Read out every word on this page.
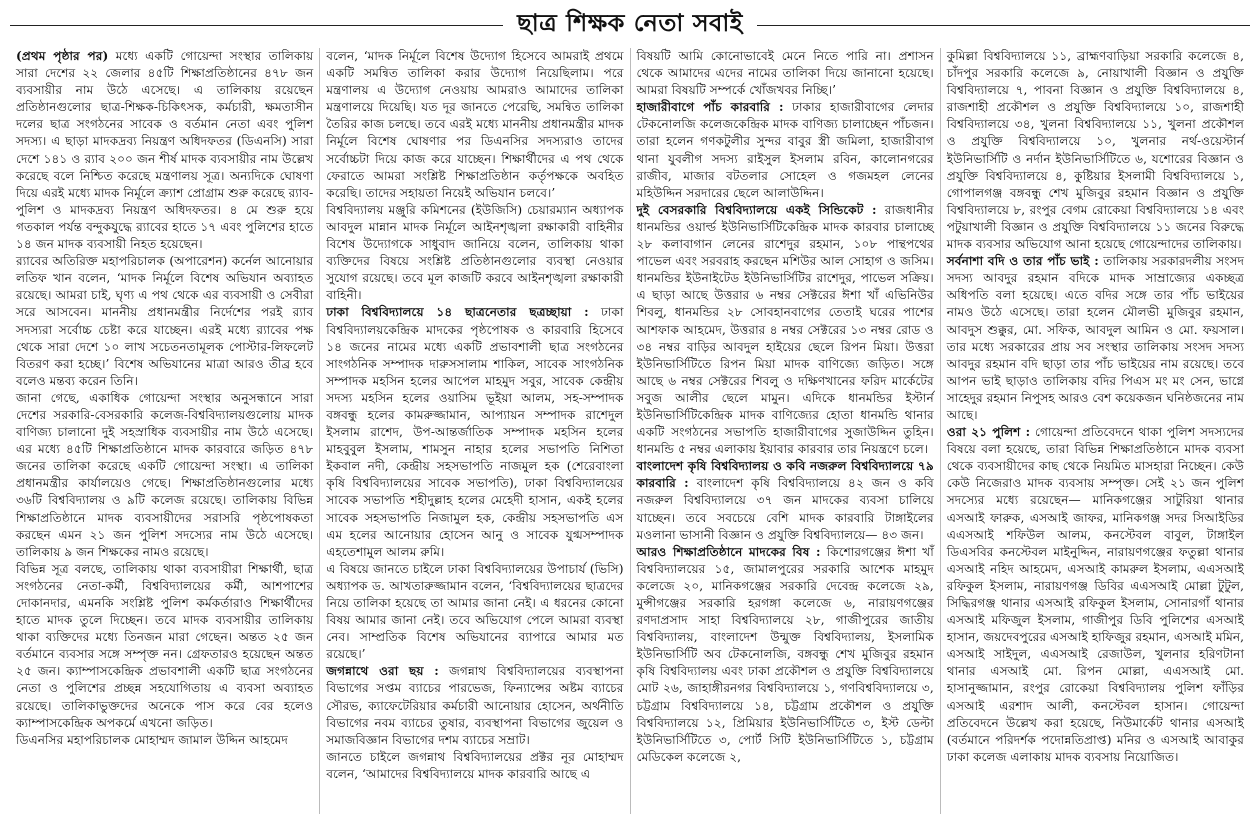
ছাত্র শিক্ষক নেতা সবাই

(প্রথম পৃষ্ঠার পর) মধ্যে একটি গোয়েন্দা সংস্থার তালিকায় সারা দেশের ২২ জেলার ৪৫টি শিক্ষাপ্রতিষ্ঠানের ৪৭৮ জন ব্যবসায়ীর নাম উঠে এসেছে। এ তালিকায় রয়েছেন প্রতিষ্ঠানগুলোর ছাত্র-শিক্ষক-চিকিৎসক, কর্মচারী, ক্ষমতাসীন দলের ছাত্র সংগঠনের সাবেক ও বর্তমান নেতা এবং পুলিশ সদস্য। এ ছাড়া মাদকদ্রব্য নিয়ন্ত্রণ অধিদফতর (ডিএনসি) সারা দেশে ১৪১ ও র‍্যাব ২০০ জন শীর্ষ মাদক ব্যবসায়ীর নাম উল্লেখ করেছে বলে নিশ্চিত করেছে মন্ত্রণালয় সূত্র। অন্যদিকে ঘোষণা দিয়ে এরই মধ্যে মাদক নির্মূলে ক্র্যাশ প্রোগ্রাম শুরু করেছে র‍্যাব-পুলিশ ও মাদকদ্রব্য নিয়ন্ত্রণ অধিদফতর। ৪ মে শুরু হয়ে গতকাল পর্যন্ত বন্দুকযুদ্ধে র‍্যাবের হাতে ১৭ এবং পুলিশের হাতে ১৪ জন মাদক ব্যবসায়ী নিহত হয়েছেন।

র‍্যাবের অতিরিক্ত মহাপরিচালক (অপারেশন) কর্নেল আনোয়ার লতিফ খান বলেন, ‘মাদক নির্মূলে বিশেষ অভিযান অব্যাহত রয়েছে। আমরা চাই, ঘৃণ্য এ পথ থেকে এর ব্যবসায়ী ও সেবীরা সরে আসবেন। মাননীয় প্রধানমন্ত্রীর নির্দেশের পরই র‍্যাব সদস্যরা সর্বোচ্চ চেষ্টা করে যাচ্ছেন। এরই মধ্যে র‍্যাবের পক্ষ থেকে সারা দেশে ১০ লাখ সচেতনতামূলক পোস্টার-লিফলেট বিতরণ করা হচ্ছে।’ বিশেষ অভিযানের মাত্রা আরও তীব্র হবে বলেও মন্তব্য করেন তিনি।

জানা গেছে, একাধিক গোয়েন্দা সংস্থার অনুসন্ধানে সারা দেশের সরকারি-বেসরকারি কলেজ-বিশ্ববিদ্যালয়গুলোয় মাদক বাণিজ্য চালানো দুই সহস্রাধিক ব্যবসায়ীর নাম উঠে এসেছে। এর মধ্যে ৪৫টি শিক্ষাপ্রতিষ্ঠানে মাদক কারবারে জড়িত ৪৭৮ জনের তালিকা করেছে একটি গোয়েন্দা সংস্থা। এ তালিকা প্রধানমন্ত্রীর কার্যালয়েও গেছে। শিক্ষাপ্রতিষ্ঠানগুলোর মধ্যে ৩৬টি বিশ্ববিদ্যালয় ও ৯টি কলেজ রয়েছে। তালিকায় বিভিন্ন শিক্ষাপ্রতিষ্ঠানে মাদক ব্যবসায়ীদের সরাসরি পৃষ্ঠপোষকতা করছেন এমন ২১ জন পুলিশ সদস্যের নাম উঠে এসেছে। তালিকায় ৯ জন শিক্ষকের নামও রয়েছে।

বিভিন্ন সূত্র বলছে, তালিকায় থাকা ব্যবসায়ীরা শিক্ষার্থী, ছাত্র সংগঠনের নেতা-কর্মী, বিশ্ববিদ্যালয়ের কর্মী, আশপাশের দোকানদার, এমনকি সংশ্লিষ্ট পুলিশ কর্মকর্তারাও শিক্ষার্থীদের হাতে মাদক তুলে দিচ্ছেন। তবে মাদক ব্যবসায়ীর তালিকায় থাকা ব্যক্তিদের মধ্যে তিনজন মারা গেছেন। অন্তত ২৫ জন বর্তমানে ব্যবসার সঙ্গে সম্পৃক্ত নন। গ্রেফতারও হয়েছেন অন্তত ২৫ জন। ক্যাম্পাসকেন্দ্রিক প্রভাবশালী একটি ছাত্র সংগঠনের নেতা ও পুলিশের প্রচ্ছন্ন সহযোগিতায় এ ব্যবসা অব্যাহত রয়েছে। তালিকাভুক্তদের অনেকে পাস করে বের হলেও ক্যাম্পাসকেন্দ্রিক অপকর্মে এখনো জড়িত।

ডিএনসির মহাপরিচালক মোহাম্মদ জামাল উদ্দিন আহমেদ

বলেন, ‘মাদক নির্মূলে বিশেষ উদ্যোগ হিসেবে আমরাই প্রথমে একটি সমন্বিত তালিকা করার উদ্যোগ নিয়েছিলাম। পরে মন্ত্রণালয় এ উদ্যোগ নেওয়ায় আমরাও আমাদের তালিকা মন্ত্রণালয়ে দিয়েছি। যত দূর জানতে পেরেছি, সমন্বিত তালিকা তৈরির কাজ চলছে। তবে এরই মধ্যে মাননীয় প্রধানমন্ত্রীর মাদক নির্মূলে বিশেষ ঘোষণার পর ডিএনসির সদস্যরাও তাদের সর্বোচ্চটা দিয়ে কাজ করে যাচ্ছেন। শিক্ষার্থীদের এ পথ থেকে ফেরাতে আমরা সংশ্লিষ্ট শিক্ষাপ্রতিষ্ঠান কর্তৃপক্ষকে অবহিত করেছি। তাদের সহায়তা নিয়েই অভিযান চলবে।’

বিশ্ববিদ্যালয় মঞ্জুরি কমিশনের (ইউজিসি) চেয়ারম্যান অধ্যাপক আবদুল মান্নান মাদক নির্মূলে আইনশৃঙ্খলা রক্ষাকারী বাহিনীর বিশেষ উদ্যোগকে সাধুবাদ জানিয়ে বলেন, তালিকায় থাকা ব্যক্তিদের বিষয়ে সংশ্লিষ্ট প্রতিষ্ঠানগুলোর ব্যবস্থা নেওয়ার সুযোগ রয়েছে। তবে মূল কাজটি করবে আইনশৃঙ্খলা রক্ষাকারী বাহিনী।

ঢাকা বিশ্ববিদ্যালয়ে ১৪ ছাত্রনেতার ছত্রচ্ছায়া : ঢাকা বিশ্ববিদ্যালয়কেন্দ্রিক মাদকের পৃষ্ঠপোষক ও কারবারি হিসেবে ১৪ জনের নামের মধ্যে একটি প্রভাবশালী ছাত্র সংগঠনের সাংগঠনিক সম্পাদক দারুসসালাম শাকিল, সাবেক সাংগঠনিক সম্পাদক মহসিন হলের আপেল মাহমুদ সবুর, সাবেক কেন্দ্রীয় সদস্য মহসিন হলের ওয়াসিম ভূইয়া আলম, সহ-সম্পাদক বঙ্গবন্ধু হলের কামরুজ্জামান, আপ্যায়ন সম্পাদক রাশেদুল ইসলাম রাশেদ, উপ-আন্তর্জাতিক সম্পাদক মহসিন হলের মাহবুবুল ইসলাম, শামসুন নাহার হলের সভাপতি নিশিতা ইকবাল নদী, কেন্দ্রীয় সহসভাপতি নাজমুল হক (শেরেবাংলা কৃষি বিশ্ববিদ্যালয়ের সাবেক সভাপতি), ঢাকা বিশ্ববিদ্যালয়ের সাবেক সভাপতি শহীদুল্লাহ হলের মেহেদী হাসান, একই হলের সাবেক সহসভাপতি নিজামুল হক, কেন্দ্রীয় সহসভাপতি এস এম হলের আনোয়ার হোসেন আনু ও সাবেক যুগ্মসম্পাদক এহতেশামুল আলম রুমি।

এ বিষয়ে জানতে চাইলে ঢাকা বিশ্ববিদ্যালয়ের উপাচার্য (ভিসি) অধ্যাপক ড. আখতারুজ্জামান বলেন, ‘বিশ্ববিদ্যালয়ের ছাত্রদের নিয়ে তালিকা হয়েছে তা আমার জানা নেই। এ ধরনের কোনো বিষয় আমার জানা নেই। তবে অভিযোগ পেলে আমরা ব্যবস্থা নেব। সাম্প্রতিক বিশেষ অভিযানের ব্যাপারে আমার মত রয়েছে।’

জগন্নাথে ওরা ছয় : জগন্নাথ বিশ্ববিদ্যালয়ের ব্যবস্থাপনা বিভাগের সপ্তম ব্যাচের পারভেজ, ফিন্যান্সের অষ্টম ব্যাচের সৌরভ, ক্যাফেটেরিয়ার কর্মচারী আনোয়ার হোসেন, অর্থনীতি বিভাগের নবম ব্যাচের তুষার, ব্যবস্থাপনা বিভাগের জুয়েল ও সমাজবিজ্ঞান বিভাগের দশম ব্যাচের সম্রাট।

জানতে চাইলে জগন্নাথ বিশ্ববিদ্যালয়ের প্রক্টর নূর মোহাম্মদ বলেন, ‘আমাদের বিশ্ববিদ্যালয়ে মাদক কারবারি আছে এ

বিষয়টি আমি কোনোভাবেই মেনে নিতে পারি না। প্রশাসন থেকে আমাদের এদের নামের তালিকা দিয়ে জানানো হয়েছে। আমরা বিষয়টি সম্পর্কে খোঁজখবর নিচ্ছি।’

হাজারীবাগে পাঁচ কারবারি : ঢাকার হাজারীবাগের লেদার টেকনোলজি কলেজকেন্দ্রিক মাদক বাণিজ্য চালাচ্ছেন পাঁচজন। তারা হলেন গণকটুলীর সুন্দর বাবুর স্ত্রী জমিলা, হাজারীবাগ থানা যুবলীগ সদস্য রাইসুল ইসলাম রবিন, কালোনগরের রাজীব, মাজার বটতলার সোহেল ও গজমহল লেনের মহিউদ্দিন সরদারের ছেলে আলাউদ্দিন।

দুই বেসরকারি বিশ্ববিদ্যালয়ে একই সিন্ডিকেট : রাজধানীর ধানমন্ডির ওয়ার্ল্ড ইউনিভার্সিটিকেন্দ্রিক মাদক কারবার চালাচ্ছে ২৮ কলাবাগান লেনের রাশেদুর রহমান, ১০৮ পান্থপথের পাভেল এবং সরবরাহ করছেন মশিউর আল সোহাগ ও জসিম। ধানমন্ডির ইউনাইটেড ইউনিভার্সিটির রাশেদুর, পাভেল সক্রিয়। এ ছাড়া আছে উত্তরার ৬ নম্বর সেক্টরের ঈশা খাঁ এভিনিউর শিবলু, ধানমন্ডির ২৮ সোবহানবাগের তেতাই ঘরের পাশের আশফাক আহমেদ, উত্তরার ৪ নম্বর সেক্টরের ১৩ নম্বর রোড ও ৩৪ নম্বর বাড়ির আবদুল হাইয়ের ছেলে রিপন মিয়া। উত্তরা ইউনিভার্সিটিতে রিপন মিয়া মাদক বাণিজ্যে জড়িত। সঙ্গে আছে ৬ নম্বর সেক্টরের শিবলু ও দক্ষিণখানের ফরিদ মার্কেটের সবুজ আলীর ছেলে মামুন। এদিকে ধানমন্ডির ইস্টার্ন ইউনিভার্সিটিকেন্দ্রিক মাদক বাণিজ্যের হোতা ধানমন্ডি থানার একটি সংগঠনের সভাপতি হাজারীবাগের সুজাউদ্দিন তুহিন। ধানমন্ডি ৫ নম্বর এলাকায় ইয়াবার কারবার তার নিয়ন্ত্রণে চলে।

বাংলাদেশ কৃষি বিশ্ববিদ্যালয় ও কবি নজরুল বিশ্ববিদ্যালয়ে ৭৯ কারবারি : বাংলাদেশ কৃষি বিশ্ববিদ্যালয়ে ৪২ জন ও কবি নজরুল বিশ্ববিদ্যালয়ে ৩৭ জন মাদকের ব্যবসা চালিয়ে যাচ্ছেন। তবে সবচেয়ে বেশি মাদক কারবারি টাঙ্গাইলের মওলানা ভাসানী বিজ্ঞান ও প্রযুক্তি বিশ্ববিদ্যালয়ে— ৪৩ জন।

আরও শিক্ষাপ্রতিষ্ঠানে মাদকের বিষ : কিশোরগঞ্জের ঈশা খাঁ বিশ্ববিদ্যালয়ের ১৫, জামালপুরের সরকারি আশেক মাহমুদ কলেজে ২০, মানিকগঞ্জের সরকারি দেবেন্দ্র কলেজে ২৯, মুন্সীগঞ্জের সরকারি হরগঙ্গা কলেজে ৬, নারায়ণগঞ্জের রণদাপ্রসাদ সাহা বিশ্ববিদ্যালয়ে ২৮, গাজীপুরের জাতীয় বিশ্ববিদ্যালয়, বাংলাদেশ উন্মুক্ত বিশ্ববিদ্যালয়, ইসলামিক ইউনিভার্সিটি অব টেকনোলজি, বঙ্গবন্ধু শেখ মুজিবুর রহমান কৃষি বিশ্ববিদ্যালয় এবং ঢাকা প্রকৌশল ও প্রযুক্তি বিশ্ববিদ্যালয়ে মোট ২৬, জাহাঙ্গীরনগর বিশ্ববিদ্যালয়ে ১, গণবিশ্ববিদ্যালয়ে ৩, চট্টগ্রাম বিশ্ববিদ্যালয়ে ১৪, চট্টগ্রাম প্রকৌশল ও প্রযুক্তি বিশ্ববিদ্যালয়ে ১২, প্রিমিয়ার ইউনিভার্সিটিতে ৩, ইস্ট ডেল্টা ইউনিভার্সিটিতে ৩, পোর্ট সিটি ইউনিভার্সিটিতে ১, চট্টগ্রাম মেডিকেল কলেজে ২,

কুমিল্লা বিশ্ববিদ্যালয়ে ১১, ব্রাহ্মণবাড়িয়া সরকারি কলেজে ৪, চাঁদপুর সরকারি কলেজে ৯, নোয়াখালী বিজ্ঞান ও প্রযুক্তি বিশ্ববিদ্যালয়ে ৭, পাবনা বিজ্ঞান ও প্রযুক্তি বিশ্ববিদ্যালয়ে ৪, রাজশাহী প্রকৌশল ও প্রযুক্তি বিশ্ববিদ্যালয়ে ১০, রাজশাহী বিশ্ববিদ্যালয়ে ৩৪, খুলনা বিশ্ববিদ্যালয়ে ১১, খুলনা প্রকৌশল ও প্রযুক্তি বিশ্ববিদ্যালয়ে ১০, খুলনার নর্থ-ওয়েস্টার্ন ইউনিভার্সিটি ও নর্দান ইউনিভার্সিটিতে ৬, যশোরের বিজ্ঞান ও প্রযুক্তি বিশ্ববিদ্যালয়ে ৪, কুষ্টিয়ার ইসলামী বিশ্ববিদ্যালয়ে ১, গোপালগঞ্জ বঙ্গবন্ধু শেখ মুজিবুর রহমান বিজ্ঞান ও প্রযুক্তি বিশ্ববিদ্যালয়ে ৮, রংপুর বেগম রোকেয়া বিশ্ববিদ্যালয়ে ১৪ এবং পটুয়াখালী বিজ্ঞান ও প্রযুক্তি বিশ্ববিদ্যালয়ে ১১ জনের বিরুদ্ধে মাদক ব্যবসার অভিযোগ আনা হয়েছে গোয়েন্দাদের তালিকায়।

সর্বনাশা বদি ও তার পাঁচ ভাই : তালিকায় সরকারদলীয় সংসদ সদস্য আবদুর রহমান বদিকে মাদক সাম্রাজ্যের একচ্ছত্র অধিপতি বলা হয়েছে। এতে বদির সঙ্গে তার পাঁচ ভাইয়ের নামও উঠে এসেছে। তারা হলেন মৌলভী মুজিবুর রহমান, আবদুস শুক্কুর, মো. সফিক, আবদুল আমিন ও মো. ফয়সাল। তার মধ্যে সরকারের প্রায় সব সংস্থার তালিকায় সংসদ সদস্য আবদুর রহমান বদি ছাড়া তার পাঁচ ভাইয়ের নাম রয়েছে। তবে আপন ভাই ছাড়াও তালিকায় বদির পিএস মং মং সেন, ভাগ্নে সাহেদুর রহমান নিপুসহ আরও বেশ কয়েকজন ঘনিষ্ঠজনের নাম আছে।

ওরা ২১ পুলিশ : গোয়েন্দা প্রতিবেদনে থাকা পুলিশ সদস্যদের বিষয়ে বলা হয়েছে, তারা বিভিন্ন শিক্ষাপ্রতিষ্ঠানে মাদক ব্যবসা থেকে ব্যবসায়ীদের কাছ থেকে নিয়মিত মাসহারা নিচ্ছেন। কেউ কেউ নিজেরাও মাদক ব্যবসায় সম্পৃক্ত। সেই ২১ জন পুলিশ সদস্যের মধ্যে রয়েছেন— মানিকগঞ্জের সাটুরিয়া থানার এসআই ফারুক, এসআই জাফর, মানিকগঞ্জ সদর সিআইডির এএসআই শফিউল আলম, কনস্টেবল বাবুল, টাঙ্গাইল ডিএসবির কনস্টেবল মাইনুদ্দিন, নারায়ণগঞ্জের ফতুল্লা থানার এসআই নহিদ আহমেদ, এসআই কামরুল ইসলাম, এএসআই রফিকুল ইসলাম, নারায়ণগঞ্জ ডিবির এএসআই মোল্লা টুটুল, সিদ্ধিরগঞ্জ থানার এসআই রফিকুল ইসলাম, সোনারগাঁ থানার এসআই মফিজুল ইসলাম, গাজীপুর ডিবি পুলিশের এসআই হাসান, জয়দেবপুরের এসআই হাফিজুর রহমান, এসআই মমিন, এসআই সাইদুল, এএসআই রেজাউল, খুলনার হরিণটানা থানার এসআই মো. রিপন মোল্লা, এএসআই মো. হাসানুজ্জামান, রংপুর রোকেয়া বিশ্ববিদ্যালয় পুলিশ ফাঁড়ির এসআই এরশাদ আলী, কনস্টেবল হাসান। গোয়েন্দা প্রতিবেদনে উল্লেখ করা হয়েছে, নিউমার্কেট থানার এসআই (বর্তমানে পরিদর্শক পদোন্নতিপ্রাপ্ত) মনির ও এসআই আবাকুর ঢাকা কলেজ এলাকায় মাদক ব্যবসায় নিয়োজিত।
